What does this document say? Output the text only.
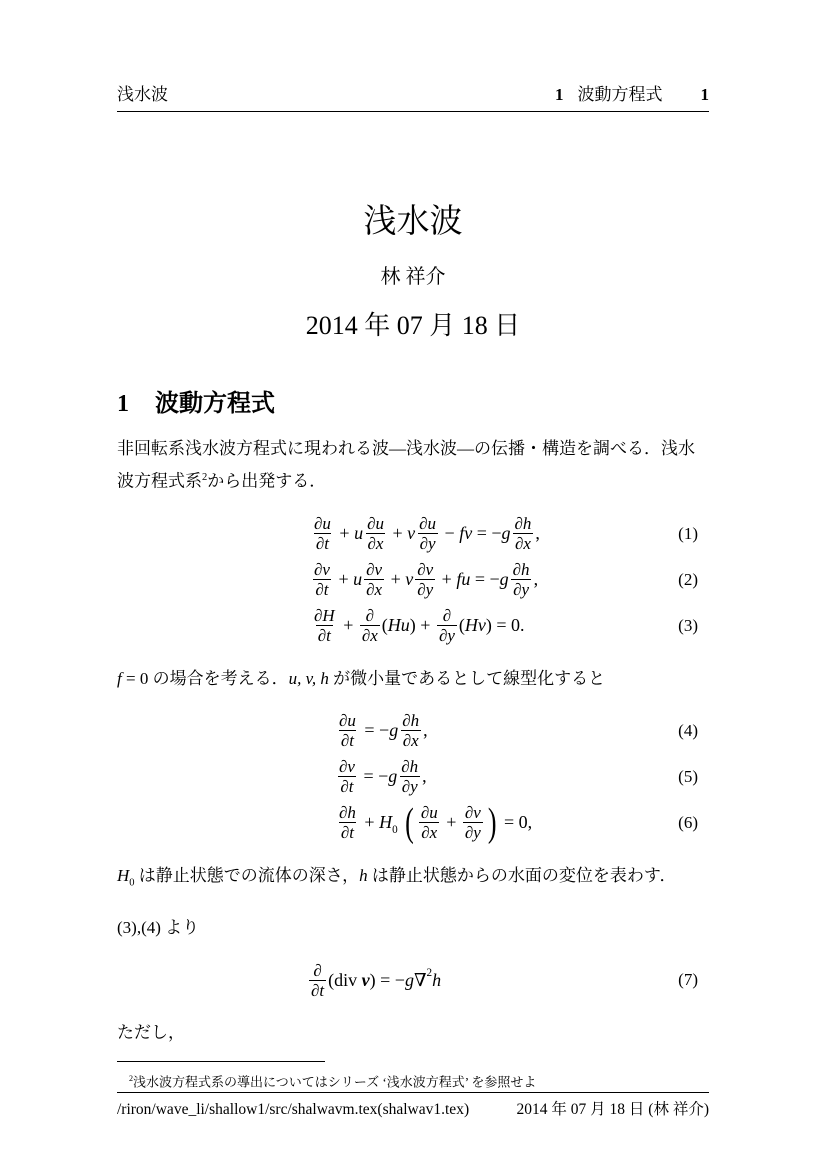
浅水波	1 波動方程式 1
浅水波
林 祥介
2014 年 07 月 18 日
1 波動方程式
非回転系浅水波方程式に現われる波—浅水波—の伝播・構造を調べる．浅水波方程式系$^2$から出発する．
$\frac{\partial u}{\partial t} + u \frac{\partial u}{\partial x} + v \frac{\partial u}{\partial y}$ − fv = − g $\frac{\partial h}{\partial x}$ ,	(1)
$\frac{\partial v}{\partial t} + u \frac{\partial v}{\partial x} + v \frac{\partial v}{\partial y}$ + fu = − g $\frac{\partial h}{\partial y}$ ,	(2)
$\frac{\partial H}{\partial t} + \frac{\partial}{\partial x}$ ( Hu ) + $\frac{\partial}{\partial y}$ ( Hv ) = 0.	(3)
f = 0 の場合を考える．u, v, h が微小量であるとして線型化すると
$\frac{\partial u}{\partial t}$ = − g $\frac{\partial h}{\partial x}$ ,	(4)
$\frac{\partial v}{\partial t}$ = − g $\frac{\partial h}{\partial y}$ ,	(5)
$\frac{\partial h}{\partial t} + H_0$
( $\frac{\partial u}{\partial x} + \frac{\partial v}{\partial y}$ ) = 0,	(6)
$H_0$ は静止状態での流体の深さ，h は静止状態からの水面の変位を表わす．
(3),(4) より
$\frac{\partial}{\partial t}$ ( div v ) = − g ∇$^2$ h	(7)
ただし，
$^2$浅水波方程式系の導出についてはシリーズ ‘浅水波方程式’ を参照せよ
/riron/wave_li/shallow1/src/shalwavm.tex(shalwav1.tex)	2014 年 07 月 18 日 (林 祥介)
